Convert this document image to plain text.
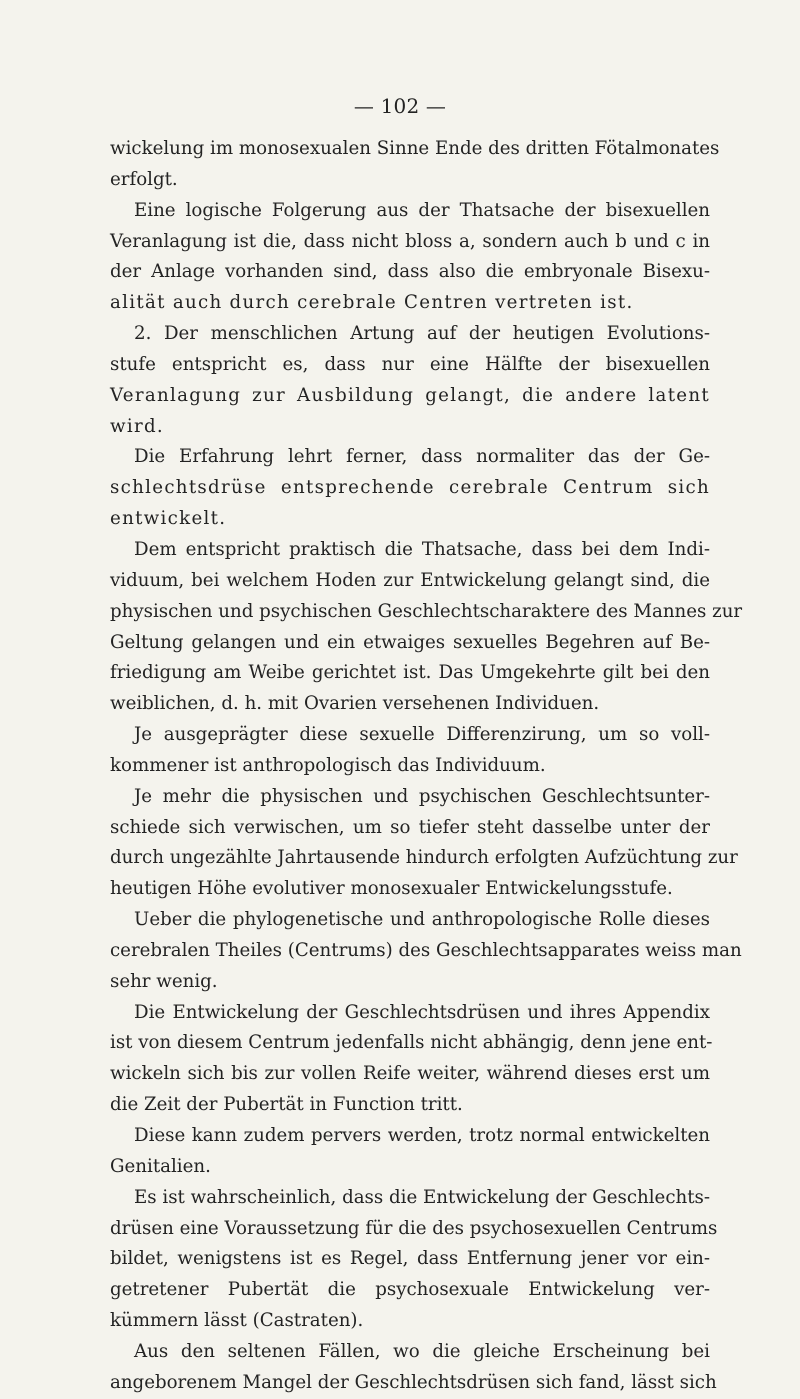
— 102 —
wickelung im monosexualen Sinne Ende des dritten Fötalmonates
erfolgt.
Eine logische Folgerung aus der Thatsache der bisexuellen
Veranlagung ist die, dass nicht bloss a, sondern auch b und c in
der Anlage vorhanden sind, dass also die embryonale Bisexu-
alität auch durch cerebrale Centren vertreten ist.
2. Der menschlichen Artung auf der heutigen Evolutions-
stufe entspricht es, dass nur eine Hälfte der bisexuellen
Veranlagung zur Ausbildung gelangt, die andere latent
wird.
Die Erfahrung lehrt ferner, dass normaliter das der Ge-
schlechtsdrüse entsprechende cerebrale Centrum sich
entwickelt.
Dem entspricht praktisch die Thatsache, dass bei dem Indi-
viduum, bei welchem Hoden zur Entwickelung gelangt sind, die
physischen und psychischen Geschlechtscharaktere des Mannes zur
Geltung gelangen und ein etwaiges sexuelles Begehren auf Be-
friedigung am Weibe gerichtet ist. Das Umgekehrte gilt bei den
weiblichen, d. h. mit Ovarien versehenen Individuen.
Je ausgeprägter diese sexuelle Differenzirung, um so voll-
kommener ist anthropologisch das Individuum.
Je mehr die physischen und psychischen Geschlechtsunter-
schiede sich verwischen, um so tiefer steht dasselbe unter der
durch ungezählte Jahrtausende hindurch erfolgten Aufzüchtung zur
heutigen Höhe evolutiver monosexualer Entwickelungsstufe.
Ueber die phylogenetische und anthropologische Rolle dieses
cerebralen Theiles (Centrums) des Geschlechtsapparates weiss man
sehr wenig.
Die Entwickelung der Geschlechtsdrüsen und ihres Appendix
ist von diesem Centrum jedenfalls nicht abhängig, denn jene ent-
wickeln sich bis zur vollen Reife weiter, während dieses erst um
die Zeit der Pubertät in Function tritt.
Diese kann zudem pervers werden, trotz normal entwickelten
Genitalien.
Es ist wahrscheinlich, dass die Entwickelung der Geschlechts-
drüsen eine Voraussetzung für die des psychosexuellen Centrums
bildet, wenigstens ist es Regel, dass Entfernung jener vor ein-
getretener Pubertät die psychosexuale Entwickelung ver-
kümmern lässt (Castraten).
Aus den seltenen Fällen, wo die gleiche Erscheinung bei
angeborenem Mangel der Geschlechtsdrüsen sich fand, lässt sich
